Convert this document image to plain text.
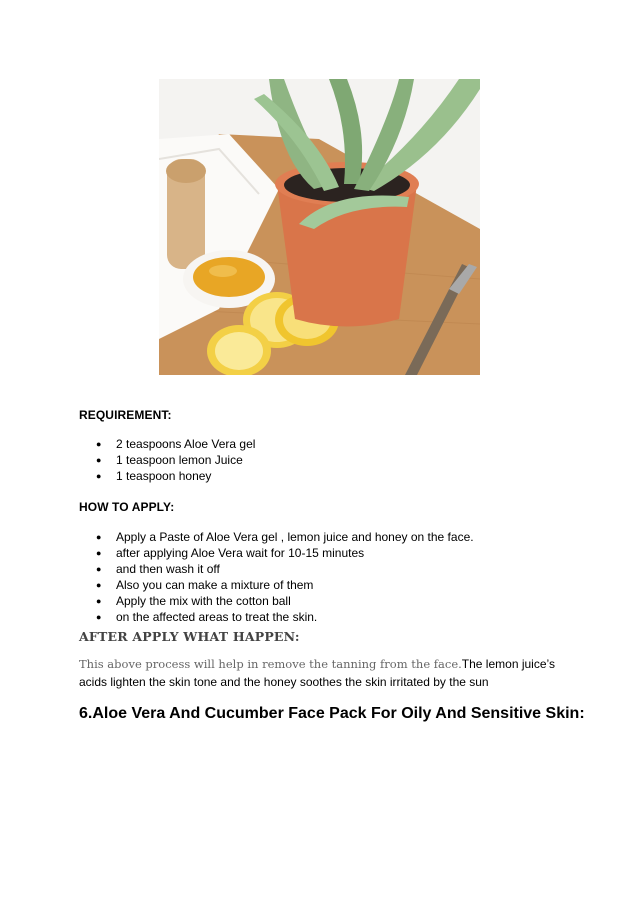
REQUIREMENT:
● 2 teaspoons Aloe Vera gel
● 1 teaspoon lemon Juice
● 1 teaspoon honey
HOW TO APPLY:
● Apply a Paste of Aloe Vera gel , lemon juice and honey on the face.
● after applying Aloe Vera wait for 10-15 minutes
● and then wash it off
● Also you can make a mixture of them
● Apply the mix with the cotton ball
● on the affected areas to treat the skin.
AFTER APPLY WHAT HAPPEN:

This above process will help in remove the tanning from the face.The lemon juice’s acids lighten the skin tone and the honey soothes the skin irritated by the sun

6.Aloe Vera And Cucumber Face Pack For Oily And Sensitive Skin:
